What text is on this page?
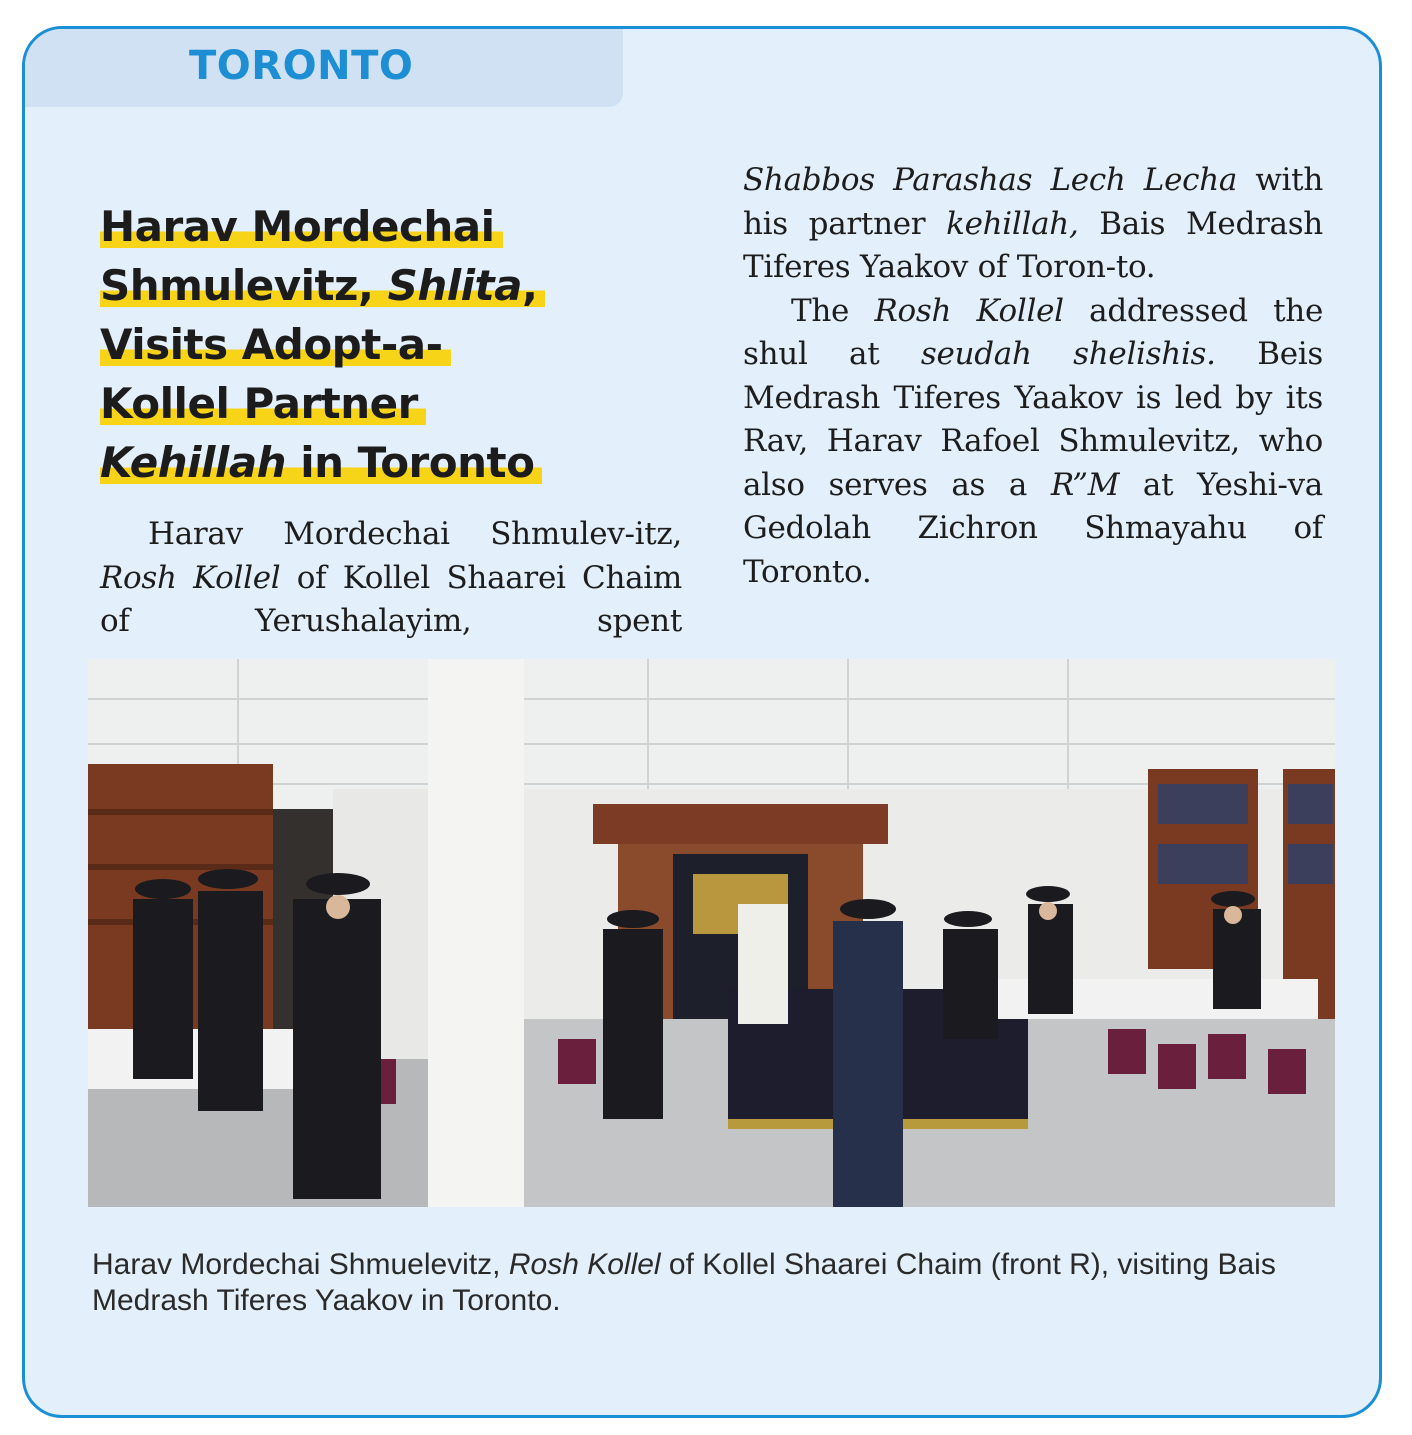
TORONTO
Harav Mordechai
Shmulevitz, Shlita,
Visits Adopt-a-
Kollel Partner
Kehillah in Toronto

Harav Mordechai Shmulev-itz, Rosh Kollel of Kollel Shaarei Chaim of Yerushalayim, spent

Shabbos Parashas Lech Lecha with his partner kehillah, Bais Medrash Tiferes Yaakov of Toron-to.

The Rosh Kollel addressed the shul at seudah shelishis. Beis Medrash Tiferes Yaakov is led by its Rav, Harav Rafoel Shmulevitz, who also serves as a R”M at Yeshi-va Gedolah Zichron Shmayahu of Toronto.

Harav Mordechai Shmuelevitz, Rosh Kollel of Kollel Shaarei Chaim (front R), visiting Bais Medrash Tiferes Yaakov in Toronto.
